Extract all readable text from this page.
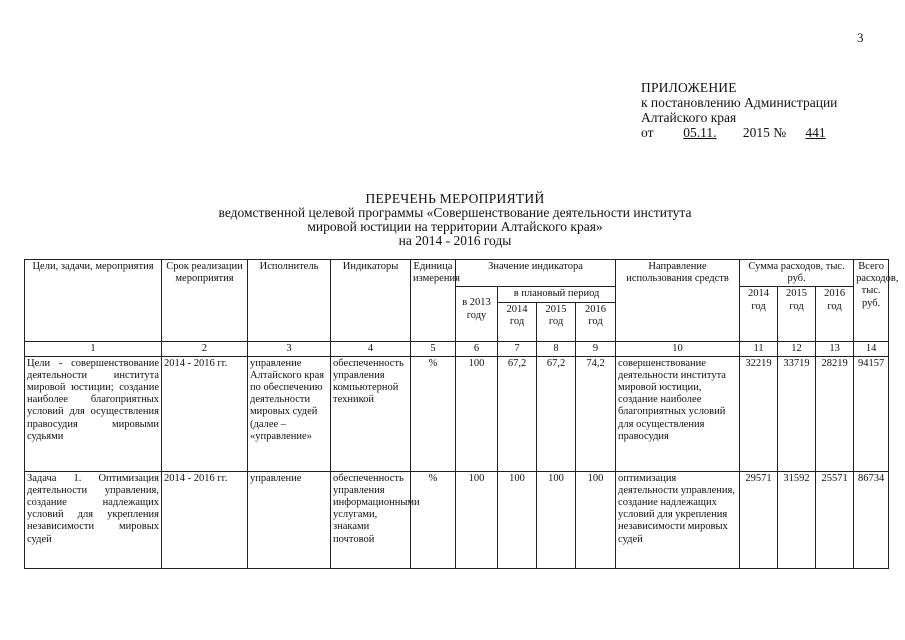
3
ПРИЛОЖЕНИЕ
к постановлению Администрации
Алтайского края
от 05.11. 2015 № 441
ПЕРЕЧЕНЬ МЕРОПРИЯТИЙ
ведомственной целевой программы «Совершенствование деятельности института
мировой юстиции на территории Алтайского края»
на 2014 - 2016 годы
Цели, задачи, мероприятия	Срок реализации мероприятия	Исполнитель	Индикаторы	Единица измерения	Значение индикатора				Направление использования средств	Сумма расходов, тыс. руб.			Всего расходов, тыс. руб.
					в 2013 году	в плановый период				2014 год	2015 год	2016 год	
						2014 год	2015 год	2016 год					
1	2	3	4	5	6	7	8	9	10	11	12	13	14
Цели - совершенствование деятельности института мировой юстиции; создание наиболее благоприятных условий для осуществления правосудия мировыми судьями	2014 - 2016 гг.	управление Алтайского края по обеспечению деятельности мировых судей (далее – «управление»	обеспеченность управления компьютерной техникой	%	100	67,2	67,2	74,2	совершенствование деятельности института мировой юстиции, создание наиболее благоприятных условий для осуществления правосудия	32219	33719	28219	94157
Задача 1. Оптимизация деятельности управления, создание надлежащих условий для укрепления независимости мировых судей	2014 - 2016 гг.	управление	обеспеченность управления информационными услугами, знаками почтовой	%	100	100	100	100	оптимизация деятельности управления, создание надлежащих условий для укрепления независимости мировых судей	29571	31592	25571	86734
